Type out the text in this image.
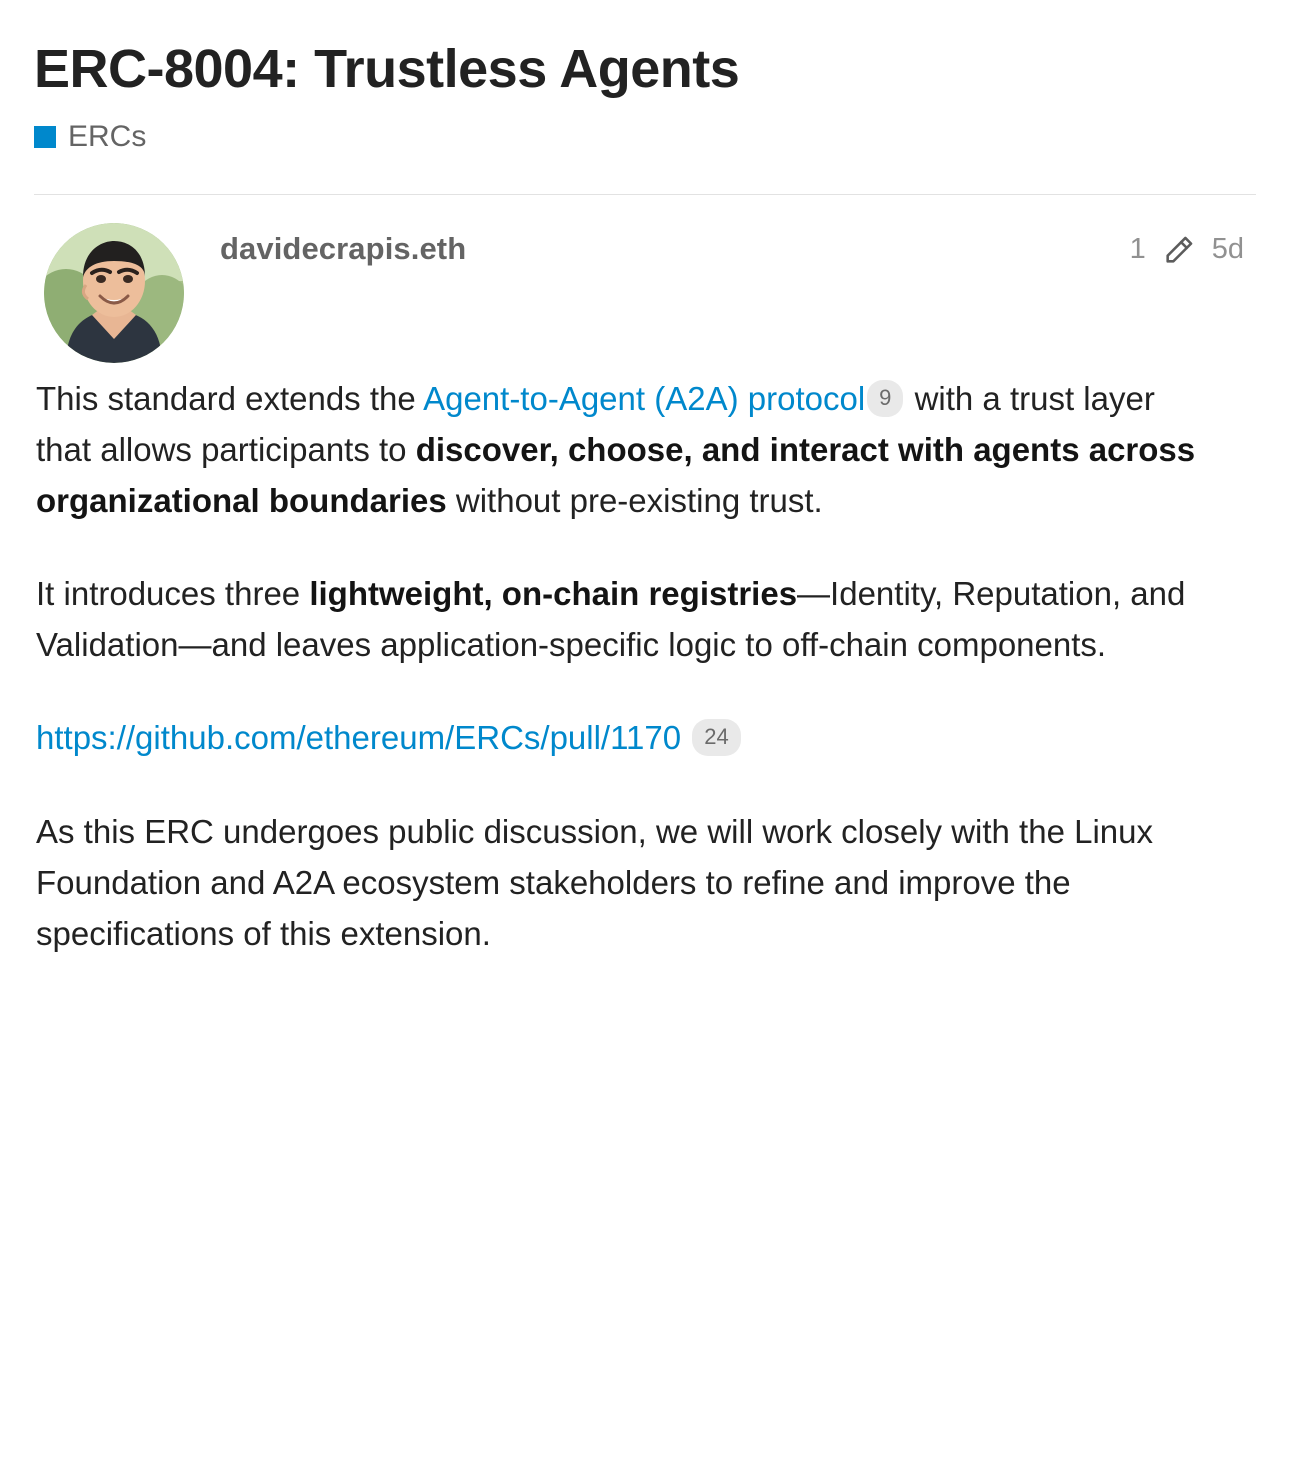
ERC-8004: Trustless Agents
ERCs
davidecrapis.eth	1 5d

This standard extends the Agent-to-Agent (A2A) protocol 9 with a trust layer that allows participants to discover, choose, and interact with agents across organizational boundaries without pre-existing trust.

It introduces three lightweight, on-chain registries—Identity, Reputation, and Validation—and leaves application-specific logic to off-chain components.

https://github.com/ethereum/ERCs/pull/1170 24

As this ERC undergoes public discussion, we will work closely with the Linux Foundation and A2A ecosystem stakeholders to refine and improve the specifications of this extension.
